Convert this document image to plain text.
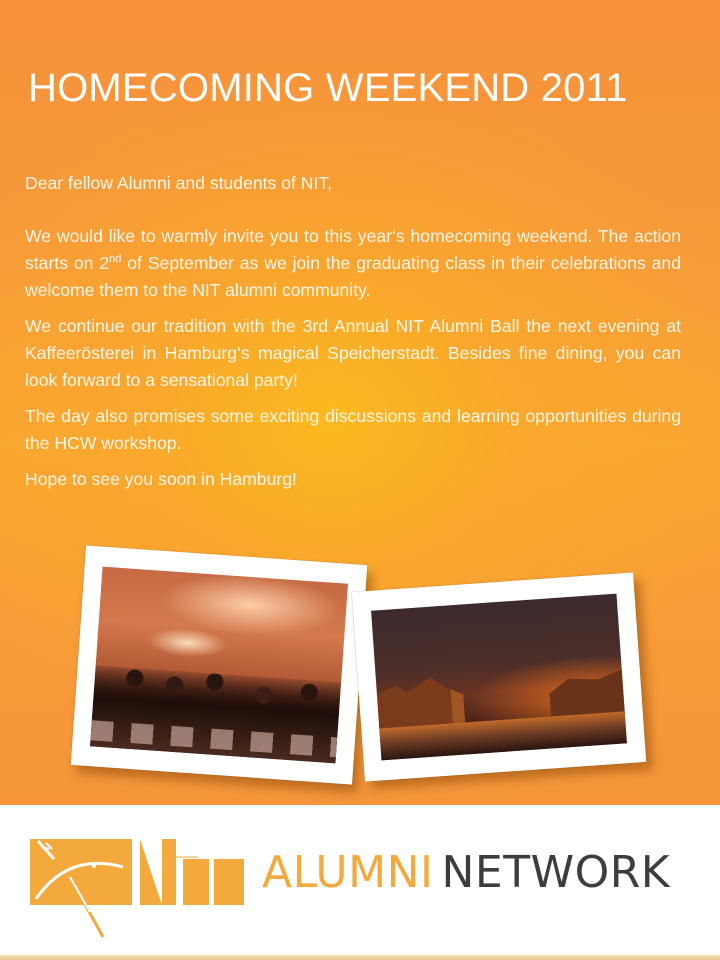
HOMECOMING WEEKEND 2011

Dear fellow Alumni and students of NIT,

We would like to warmly invite you to this year‘s homecoming weekend. The action starts on 2nd of September as we join the graduating class in their celebrations and welcome them to the NIT alumni community.

We continue our tradition with the 3rd Annual NIT Alumni Ball the next evening at Kaffeerösterei in Hamburg‘s magical Speicherstadt. Besides fine dining, you can look forward to a sensational party!

The day also promises some exciting discussions and learning opportunities during the HCW workshop.

Hope to see you soon in Hamburg!

ALUMNI NETWORK
